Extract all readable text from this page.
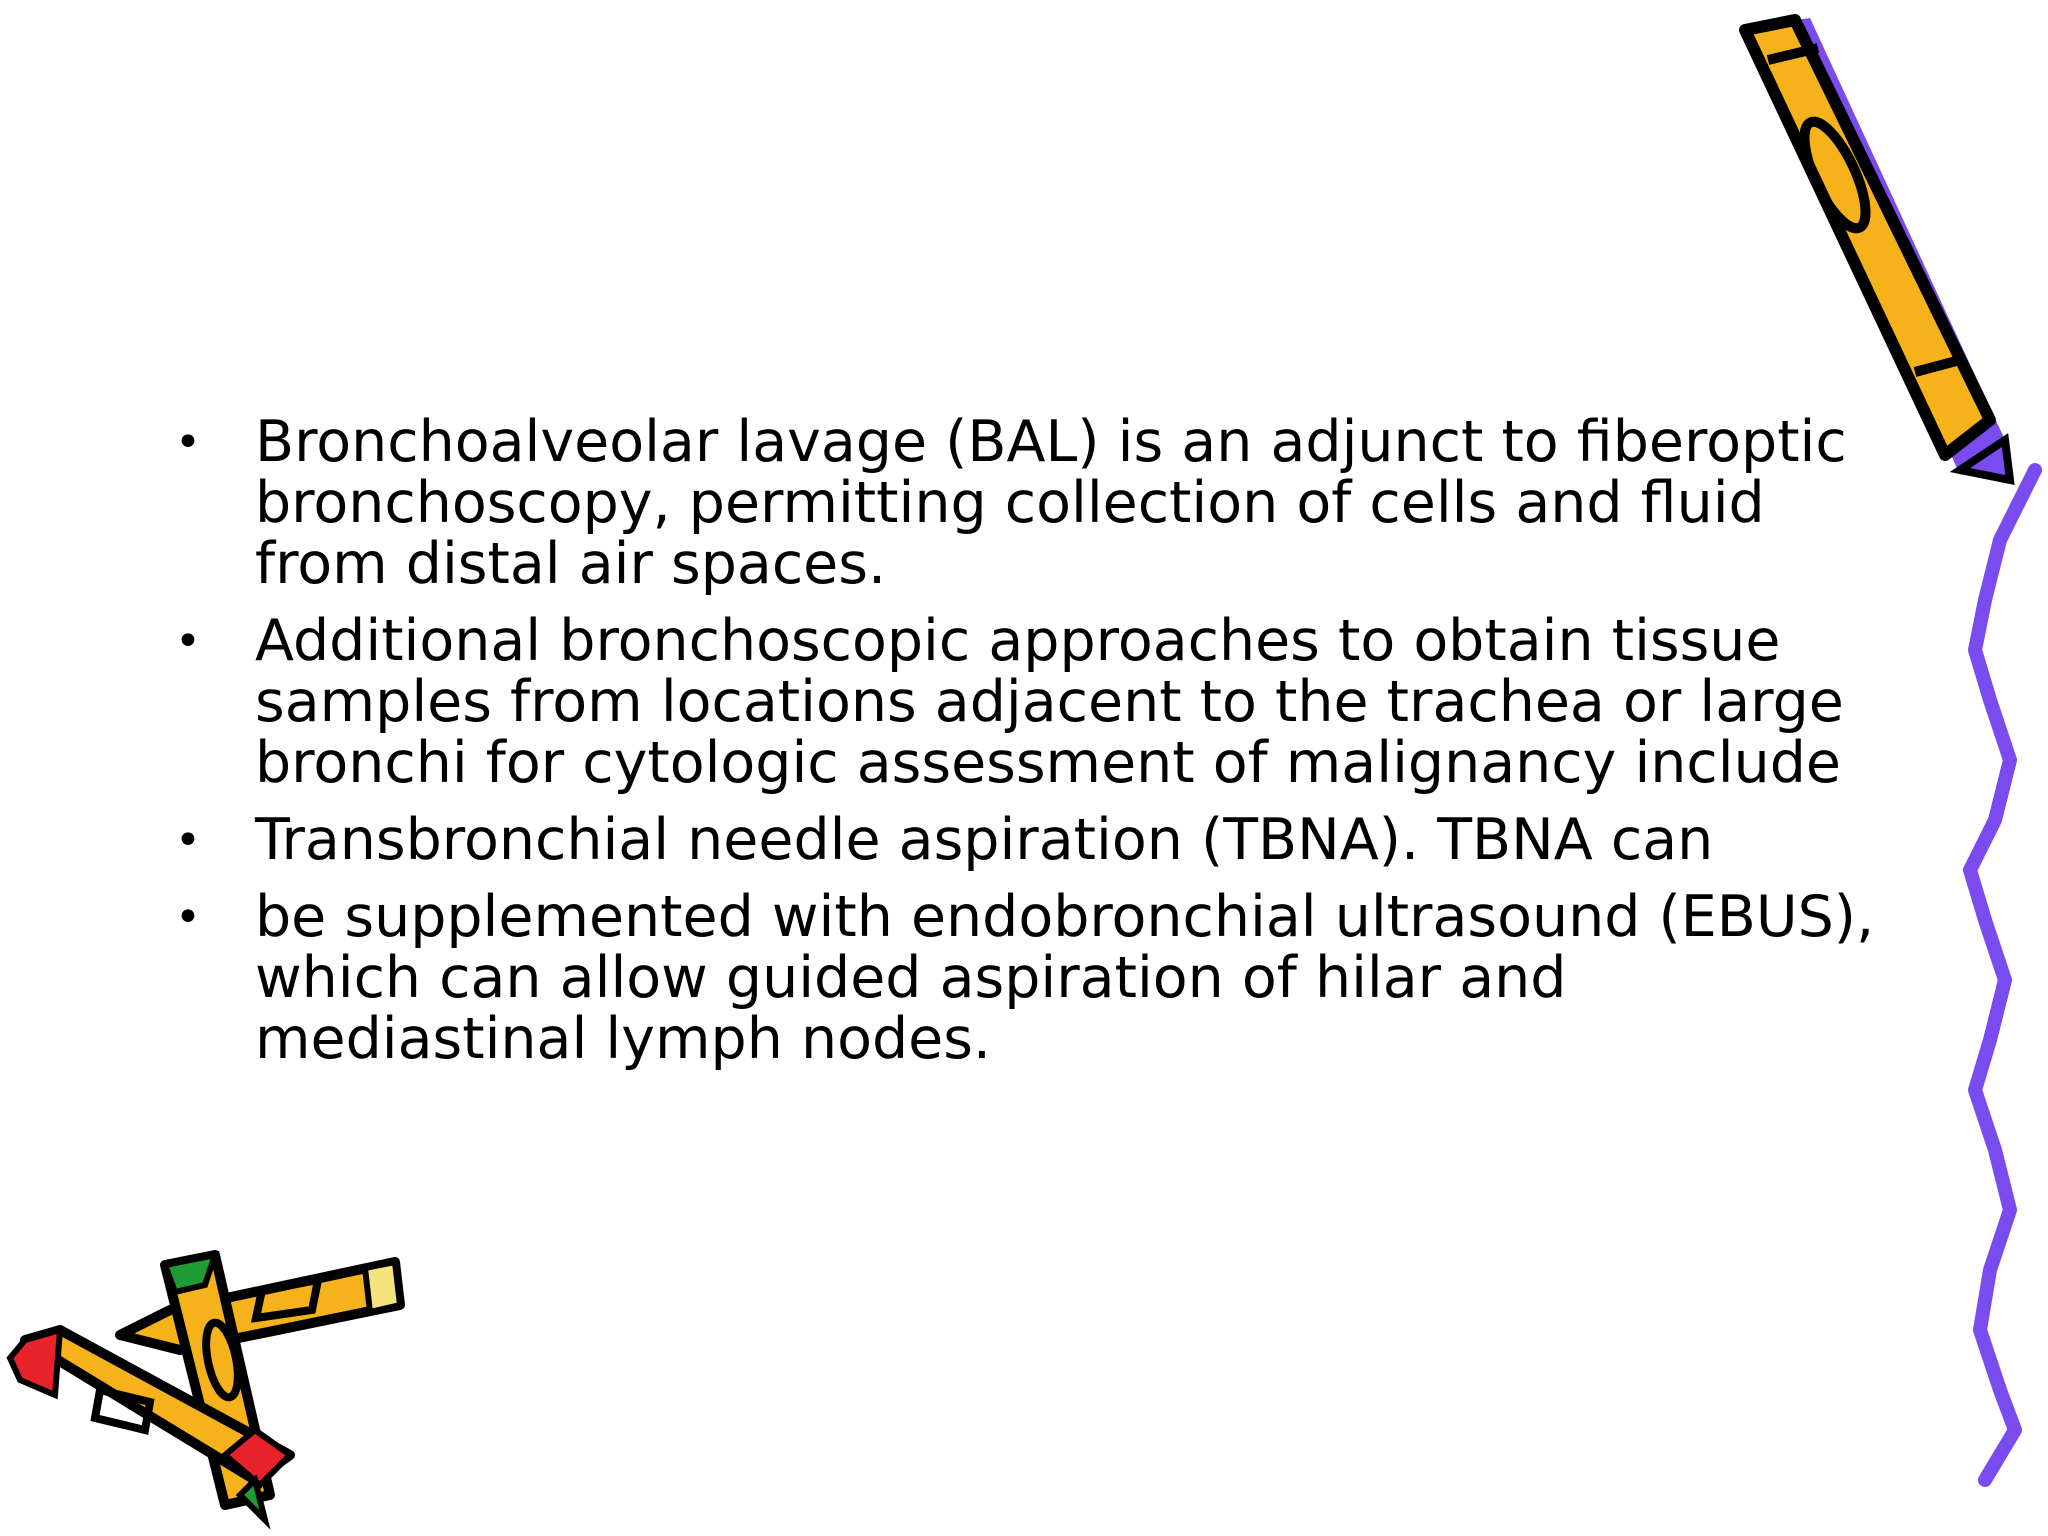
• Bronchoalveolar lavage (BAL) is an adjunct to fiberoptic bronchoscopy, permitting collection of cells and fluid from distal air spaces.
• Additional bronchoscopic approaches to obtain tissue samples from locations adjacent to the trachea or large bronchi for cytologic assessment of malignancy include
• Transbronchial needle aspiration (TBNA). TBNA can
• be supplemented with endobronchial ultrasound (EBUS), which can allow guided aspiration of hilar and mediastinal lymph nodes.
